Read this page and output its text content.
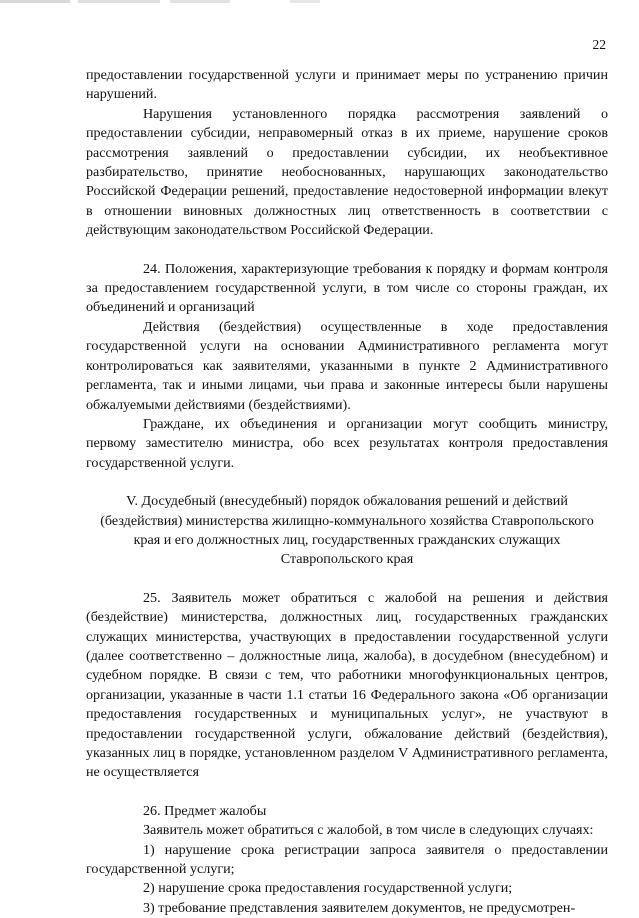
22

предоставлении государственной услуги и принимает меры по устранению причин нарушений.

Нарушения установленного порядка рассмотрения заявлений о предоставлении субсидии, неправомерный отказ в их приеме, нарушение сроков рассмотрения заявлений о предоставлении субсидии, их необъективное разбирательство, принятие необоснованных, нарушающих законодательство Российской Федерации решений, предоставление недостоверной информации влекут в отношении виновных должностных лиц ответственность в соответствии с действующим законодательством Российской Федерации.

24. Положения, характеризующие требования к порядку и формам контроля за предоставлением государственной услуги, в том числе со стороны граждан, их объединений и организаций

Действия (бездействия) осуществленные в ходе предоставления государственной услуги на основании Административного регламента могут контролироваться как заявителями, указанными в пункте 2 Административного регламента, так и иными лицами, чьи права и законные интересы были нарушены обжалуемыми действиями (бездействиями).

Граждане, их объединения и организации могут сообщить министру, первому заместителю министра, обо всех результатах контроля предоставления государственной услуги.

V. Досудебный (внесудебный) порядок обжалования решений и действий (бездействия) министерства жилищно-коммунального хозяйства Ставропольского края и его должностных лиц, государственных гражданских служащих Ставропольского края

25. Заявитель может обратиться с жалобой на решения и действия (бездействие) министерства, должностных лиц, государственных гражданских служащих министерства, участвующих в предоставлении государственной услуги (далее соответственно – должностные лица, жалоба), в досудебном (внесудебном) и судебном порядке. В связи с тем, что работники многофункциональных центров, организации, указанные в части 1.1 статьи 16 Федерального закона «Об организации предоставления государственных и муниципальных услуг», не участвуют в предоставлении государственной услуги, обжалование действий (бездействия), указанных лиц в порядке, установленном разделом V Административного регламента, не осуществляется

26. Предмет жалобы

Заявитель может обратиться с жалобой, в том числе в следующих случаях:

1) нарушение срока регистрации запроса заявителя о предоставлении государственной услуги;

2) нарушение срока предоставления государственной услуги;

3) требование представления заявителем документов, не предусмотрен-
